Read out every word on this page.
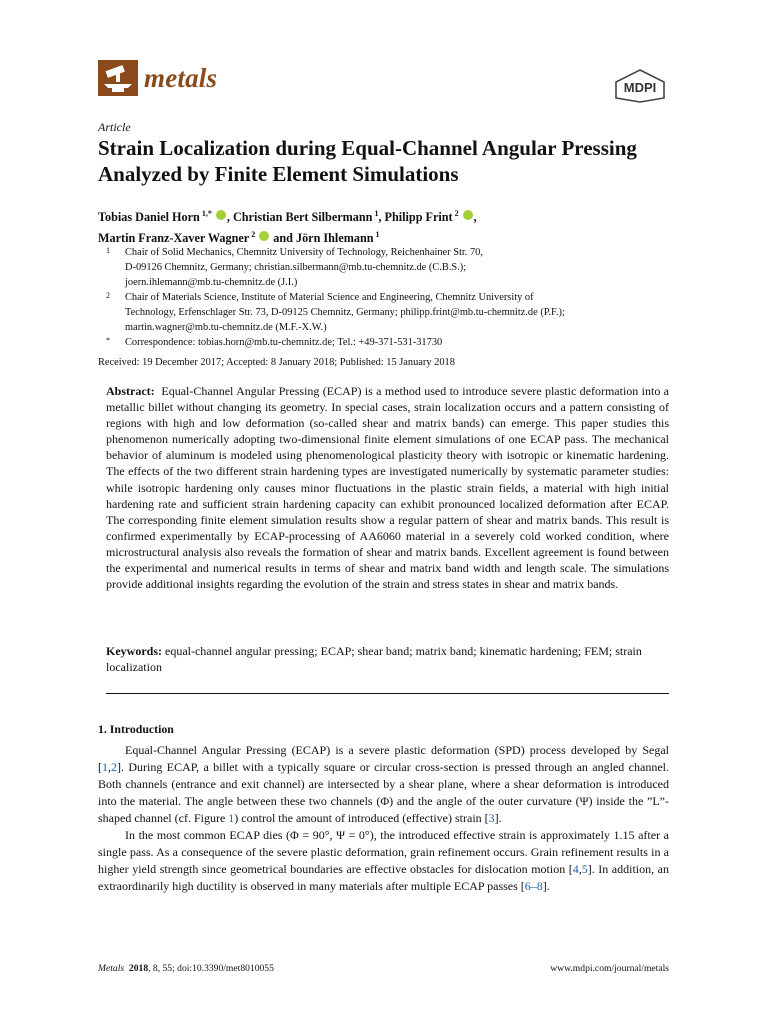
metals	MDPI
Article
Strain Localization during Equal-Channel Angular Pressing Analyzed by Finite Element Simulations
Tobias Daniel Horn $^{1,*}$ , Christian Bert Silbermann $^1$, Philipp Frint $^2$ ,
Martin Franz-Xaver Wagner $^2$  and Jörn Ihlemann $^1$
1 Chair of Solid Mechanics, Chemnitz University of Technology, Reichenhainer Str. 70,
D-09126 Chemnitz, Germany; christian.silbermann@mb.tu-chemnitz.de (C.B.S.);
joern.ihlemann@mb.tu-chemnitz.de (J.I.)
2 Chair of Materials Science, Institute of Material Science and Engineering, Chemnitz University of
Technology, Erfenschlager Str. 73, D-09125 Chemnitz, Germany; philipp.frint@mb.tu-chemnitz.de (P.F.);
martin.wagner@mb.tu-chemnitz.de (M.F.-X.W.)
* Correspondence: tobias.horn@mb.tu-chemnitz.de; Tel.: +49-371-531-31730
Received: 19 December 2017; Accepted: 8 January 2018; Published: 15 January 2018

Abstract: Equal-Channel Angular Pressing (ECAP) is a method used to introduce severe plastic deformation into a metallic billet without changing its geometry. In special cases, strain localization occurs and a pattern consisting of regions with high and low deformation (so-called shear and matrix bands) can emerge. This paper studies this phenomenon numerically adopting two-dimensional finite element simulations of one ECAP pass. The mechanical behavior of aluminum is modeled using phenomenological plasticity theory with isotropic or kinematic hardening. The effects of the two different strain hardening types are investigated numerically by systematic parameter studies: while isotropic hardening only causes minor fluctuations in the plastic strain fields, a material with high initial hardening rate and sufficient strain hardening capacity can exhibit pronounced localized deformation after ECAP. The corresponding finite element simulation results show a regular pattern of shear and matrix bands. This result is confirmed experimentally by ECAP-processing of AA6060 material in a severely cold worked condition, where microstructural analysis also reveals the formation of shear and matrix bands. Excellent agreement is found between the experimental and numerical results in terms of shear and matrix band width and length scale. The simulations provide additional insights regarding the evolution of the strain and stress states in shear and matrix bands.

Keywords: equal-channel angular pressing; ECAP; shear band; matrix band; kinematic hardening; FEM; strain localization

1. Introduction

Equal-Channel Angular Pressing (ECAP) is a severe plastic deformation (SPD) process developed by Segal [1,2]. During ECAP, a billet with a typically square or circular cross-section is pressed through an angled channel. Both channels (entrance and exit channel) are intersected by a shear plane, where a shear deformation is introduced into the material. The angle between these two channels (Φ) and the angle of the outer curvature (Ψ) inside the ”L”-shaped channel (cf. Figure 1) control the amount of introduced (effective) strain [3].

In the most common ECAP dies (Φ = 90°, Ψ = 0°), the introduced effective strain is approximately 1.15 after a single pass. As a consequence of the severe plastic deformation, grain refinement occurs. Grain refinement results in a higher yield strength since geometrical boundaries are effective obstacles for dislocation motion [4,5]. In addition, an extraordinarily high ductility is observed in many materials after multiple ECAP passes [6–8].

Metals 2018, 8, 55; doi:10.3390/met8010055	www.mdpi.com/journal/metals
